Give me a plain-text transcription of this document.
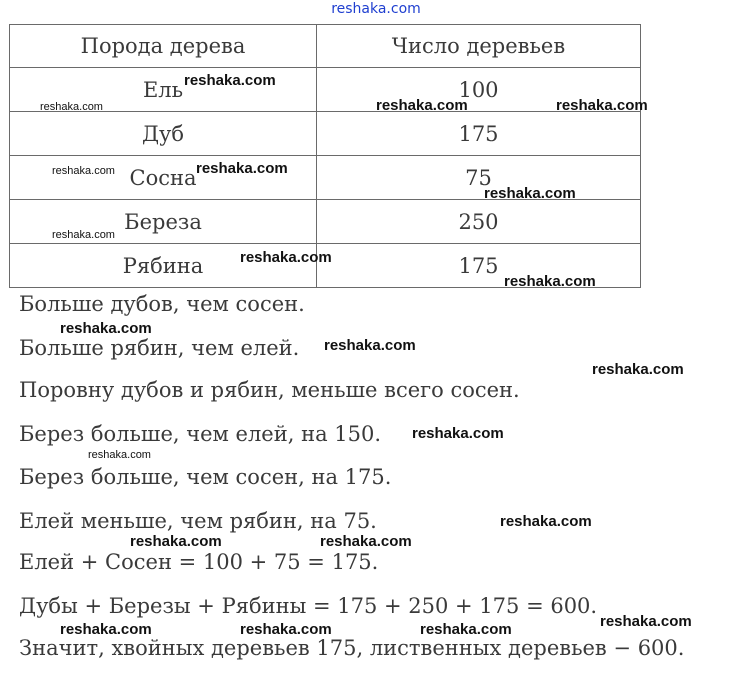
reshaka.com
Порода дерева	Число деревьев
Ель	100
Дуб	175
Сосна	75
Береза	250
Рябина	175
Больше дубов, чем сосен.
Больше рябин, чем елей.
Поровну дубов и рябин, меньше всего сосен.
Берез больше, чем елей, на 150.
Берез больше, чем сосен, на 175.
Елей меньше, чем рябин, на 75.
Елей + Сосен = 100 + 75 = 175.
Дубы + Березы + Рябины = 175 + 250 + 175 = 600.
Значит, хвойных деревьев 175, лиственных деревьев − 600.
reshaka.com
reshaka.com	reshaka.com	reshaka.com
reshaka.com	reshaka.com
reshaka.com
reshaka.com
reshaka.com
reshaka.com
reshaka.com
reshaka.com
reshaka.com
reshaka.com
reshaka.com
reshaka.com
reshaka.com	reshaka.com
reshaka.com
reshaka.com	reshaka.com	reshaka.com
